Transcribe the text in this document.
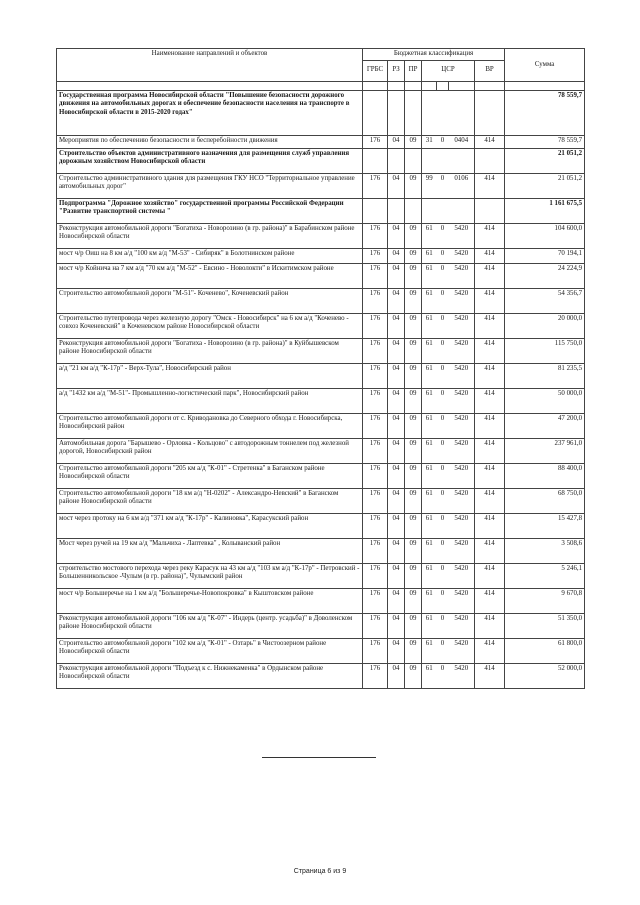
Наименование направлений и объектов	Бюджетная классификация							Сумма
	ГРБС	РЗ	ПР	ЦСР			ВР	

Государственная программа Новосибирской области "Повышение безопасности дорожного движения на автомобильных дорогах и обеспечение безопасности населения на транспорте в Новосибирской области в 2015-2020 годах"								78 559,7
Мероприятия по обеспечению безопасности и бесперебойности движения	176	04	09	31	0	0404	414	78 559,7
Строительство объектов административного назначения для размещения служб управления дорожным хозяйством Новосибирской области								21 051,2
Строительство административного здания для размещения ГКУ НСО "Территориальное управление автомобильных дорог"	176	04	09	99	0	0106	414	21 051,2
Подпрограмма "Дорожное хозяйство" государственной программы Российской Федерации "Развитие транспортной системы "								1 161 675,5
Реконструкция автомобильной дороги "Богатиха - Новорозино (в гр. района)" в Барабинском районе Новосибирской области	176	04	09	61	0	5420	414	104 600,0
мост ч/р Оиш на 8 км а/д "100 км а/д "М-53" - Сибиряк" в Болотнинском районе	176	04	09	61	0	5420	414	70 194,1
мост ч/р Койнича на 7 км а/д "70 км а/д "М-52" - Евсино - Новолокти" в Искитимском районе	176	04	09	61	0	5420	414	24 224,9
Строительство автомобильной дороги "М-51"- Коченево", Коченевский район	176	04	09	61	0	5420	414	54 356,7
Строительство путепровода через железную дорогу "Омск - Новосибирск" на 6 км а/д "Коченево - совхоз Коченевский" в Коченевском районе Новосибирской области	176	04	09	61	0	5420	414	20 000,0
Реконструкция автомобильной дороги "Богатиха - Новорозино (в гр. района)" в Куйбышевском районе Новосибирской области	176	04	09	61	0	5420	414	115 750,0
а/д "21 км а/д "К-17р" - Верх-Тула", Новосибирский район	176	04	09	61	0	5420	414	81 235,5
а/д "1432 км а/д "М-51"- Промышленно-логистический парк", Новосибирский район	176	04	09	61	0	5420	414	50 000,0
Строительство автомобильной дороги от с. Криводановка до Северного обхода г. Новосибирска, Новосибирский район	176	04	09	61	0	5420	414	47 200,0
Автомобильная дорога "Барышево - Орловка - Кольцово" с автодорожным тоннелем под железной дорогой, Новосибирский район	176	04	09	61	0	5420	414	237 961,0
Строительство автомобильной дороги "205 км а/д "К-01" - Стретенка" в Баганском районе Новосибирской области	176	04	09	61	0	5420	414	88 400,0
Строительство автомобильной дороги "18 км а/д "Н-0202" - Александро-Невский" в Баганском районе Новосибирской области	176	04	09	61	0	5420	414	68 750,0
мост через протоку на 6 км а/д "371 км а/д "К-17р" - Калиновка", Карасукский район	176	04	09	61	0	5420	414	15 427,8
Мост через ручей на 19 км а/д "Мальчиха - Лаптевка" , Колыванский район	176	04	09	61	0	5420	414	3 508,6
строительство мостового перехода через реку Карасук на 43 км а/д "103 км а/д "К-17р" - Петровский - Большенникольское -Чулым (в гр. района)", Чулымский район	176	04	09	61	0	5420	414	5 246,1
мост ч/р Большеречье на 1 км а/д "Большеречье-Новопокровка" в Кыштовском районе	176	04	09	61	0	5420	414	9 670,8
Реконструкция автомобильной дороги "106 км а/д "К-07" - Индерь (центр. усадьба)" в Доволенском районе Новосибирской области	176	04	09	61	0	5420	414	51 350,0
Строительство автомобильной дороги "102 км а/д "К-01" - Озтарь" в Чистоозерном районе Новосибирской области	176	04	09	61	0	5420	414	61 800,0
Реконструкция автомобильной дороги "Подъезд к с. Нижнекаменка" в Ордынском районе Новосибирской области	176	04	09	61	0	5420	414	52 000,0
Страница 6 из 9
